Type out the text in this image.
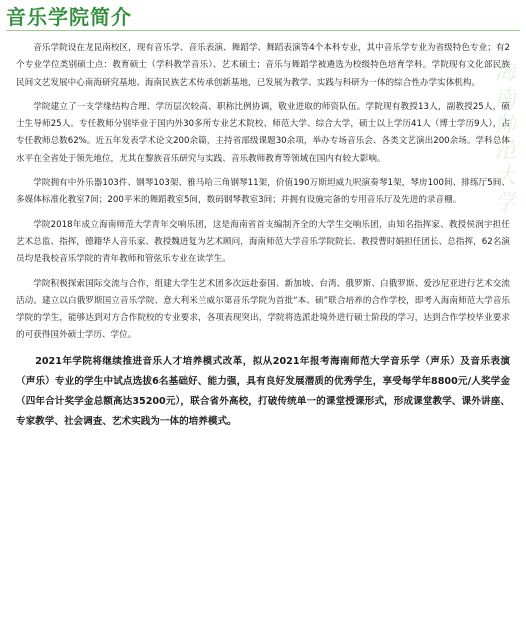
音乐学院简介
海南师范大学

音乐学院设在龙昆南校区，现有音乐学、音乐表演、舞蹈学、舞蹈表演等4个本科专业，其中音乐学专业为省级特色专业；有2个专业学位类别硕士点：教育硕士（学科教学音乐）、艺术硕士；音乐与舞蹈学被遴选为校级特色培育学科。学院现有文化部民族民间文艺发展中心南海研究基地、海南民族艺术传承创新基地，已发展为教学、实践与科研为一体的综合性办学实体机构。

学院建立了一支学缘结构合理、学历层次较高、职称比例协调，敬业进取的师资队伍。学院现有教授13人，副教授25人，硕士生导师25人。专任教师分别毕业于国内外30多所专业艺术院校、师范大学、综合大学，硕士以上学历41人（博士学历9人），占专任教师总数62%。近五年发表学术论文200余篇，主持省部级课题30余项，举办专场音乐会、各类文艺演出200余场。学科总体水平在全省处于领先地位，尤其在黎族音乐研究与实践、音乐教师教育等领域在国内有较大影响。

学院拥有中外乐器103件、钢琴103架、雅马哈三角钢琴11架，价值190万斯坦威九呎演奏琴1架，琴房100间、排练厅5间、多媒体标准化教室7间；200平米的舞蹈教室5间，数码钢琴教室3间；并拥有设施完备的专用音乐厅及先进的录音棚。

学院2018年成立海南师范大学青年交响乐团，这是海南省首支编制齐全的大学生交响乐团，由知名指挥家、教授侯润宇担任艺术总监、指挥，德籍华人音乐家、教授魏进复为艺术顾问，海南师范大学音乐学院院长、教授曹时娟担任团长、总指挥，62名演员均是我校音乐学院的青年教师和管弦乐专业在读学生。

学院积极探索国际交流与合作，组建大学生艺术团多次远赴泰国、新加坡、台湾、俄罗斯、白俄罗斯、爱沙尼亚进行艺术交流活动。建立以白俄罗斯国立音乐学院、意大利米兰威尔第音乐学院为首批“本、硕”联合培养的合作学校，即考入海南师范大学音乐学院的学生，能够达到对方合作院校的专业要求，各项表现突出，学院将选派赴境外进行硕士阶段的学习，达到合作学校毕业要求的可获得国外硕士学历、学位。

2021年学院将继续推进音乐人才培养模式改革，拟从2021年报考海南师范大学音乐学（声乐）及音乐表演（声乐）专业的学生中试点选拔6名基础好、能力强，具有良好发展潜质的优秀学生，享受每学年8800元/人奖学金（四年合计奖学金总额高达35200元），联合省外高校，打破传统单一的课堂授课形式，形成课堂教学、课外讲座、专家教学、社会调查、艺术实践为一体的培养模式。
